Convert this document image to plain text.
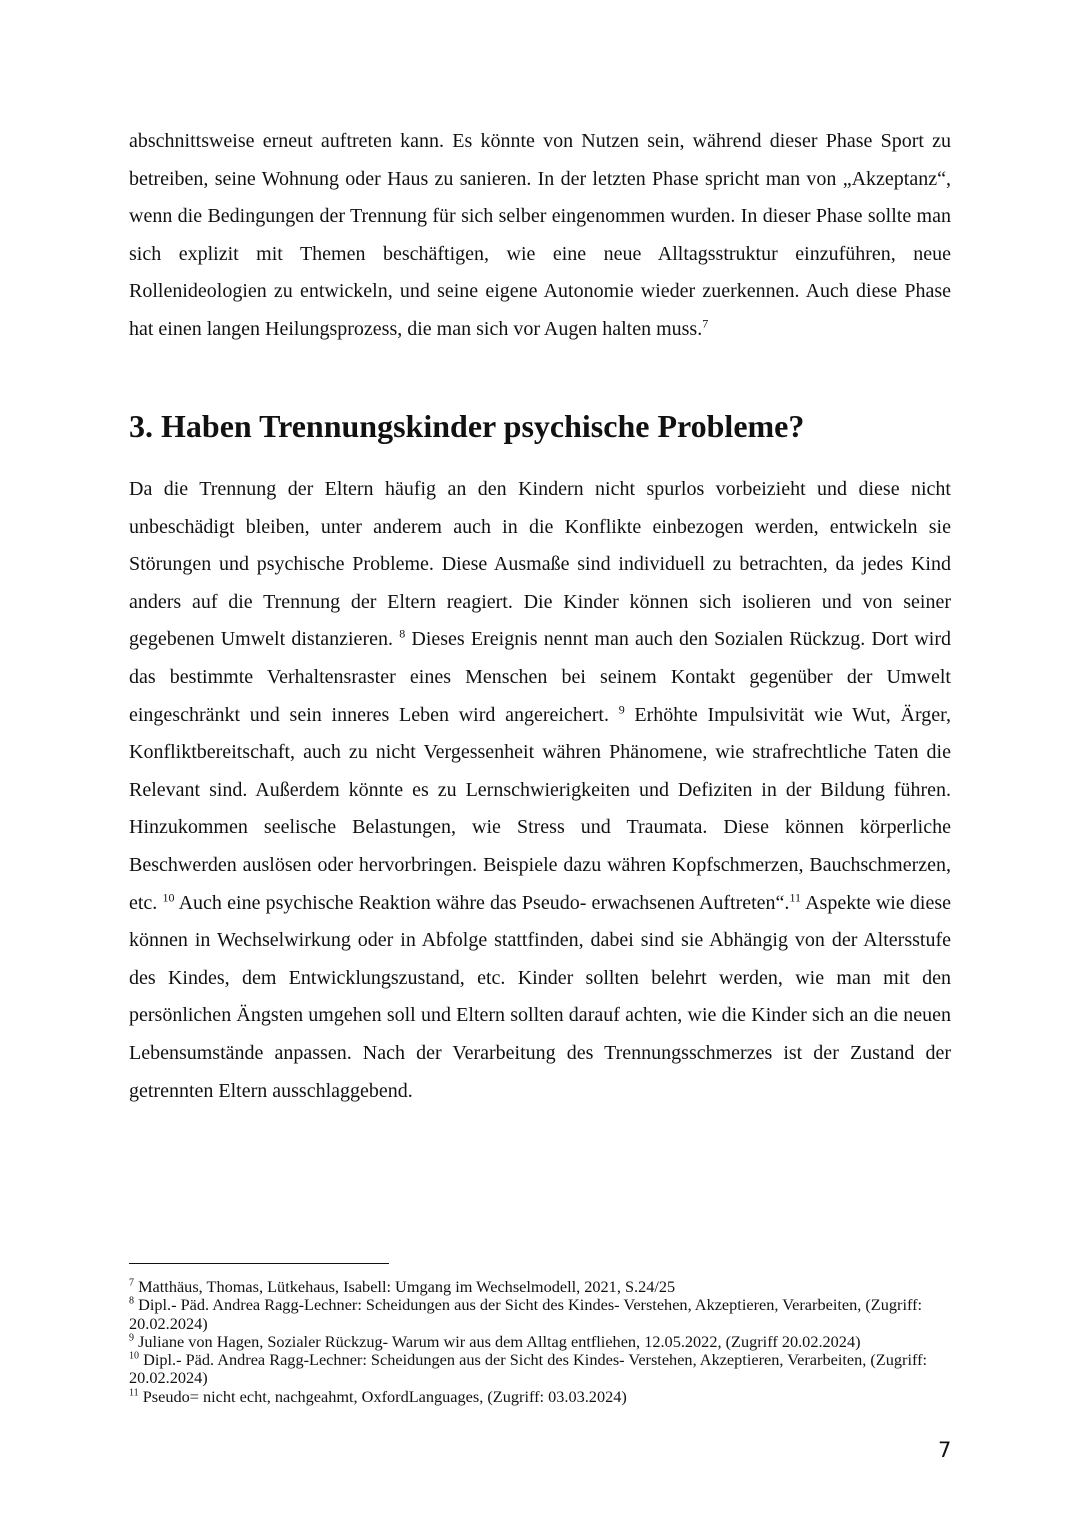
abschnittsweise erneut auftreten kann. Es könnte von Nutzen sein, während dieser Phase Sport zu betreiben, seine Wohnung oder Haus zu sanieren. In der letzten Phase spricht man von „Akzeptanz“, wenn die Bedingungen der Trennung für sich selber eingenommen wurden. In dieser Phase sollte man sich explizit mit Themen beschäftigen, wie eine neue Alltagsstruktur einzuführen, neue Rollenideologien zu entwickeln, und seine eigene Autonomie wieder zuerkennen. Auch diese Phase hat einen langen Heilungsprozess, die man sich vor Augen halten muss.$^7$

3. Haben Trennungskinder psychische Probleme?

Da die Trennung der Eltern häufig an den Kindern nicht spurlos vorbeizieht und diese nicht unbeschädigt bleiben, unter anderem auch in die Konflikte einbezogen werden, entwickeln sie Störungen und psychische Probleme. Diese Ausmaße sind individuell zu betrachten, da jedes Kind anders auf die Trennung der Eltern reagiert. Die Kinder können sich isolieren und von seiner gegebenen Umwelt distanzieren. $^8$ Dieses Ereignis nennt man auch den Sozialen Rückzug. Dort wird das bestimmte Verhaltensraster eines Menschen bei seinem Kontakt gegenüber der Umwelt eingeschränkt und sein inneres Leben wird angereichert. $^9$ Erhöhte Impulsivität wie Wut, Ärger, Konfliktbereitschaft, auch zu nicht Vergessenheit währen Phänomene, wie strafrechtliche Taten die Relevant sind. Außerdem könnte es zu Lernschwierigkeiten und Defiziten in der Bildung führen. Hinzukommen seelische Belastungen, wie Stress und Traumata. Diese können körperliche Beschwerden auslösen oder hervorbringen. Beispiele dazu währen Kopfschmerzen, Bauchschmerzen, etc. $^{10}$ Auch eine psychische Reaktion währe das Pseudo- erwachsenen Auftreten“.$^{11}$ Aspekte wie diese können in Wechselwirkung oder in Abfolge stattfinden, dabei sind sie Abhängig von der Altersstufe des Kindes, dem Entwicklungszustand, etc. Kinder sollten belehrt werden, wie man mit den persönlichen Ängsten umgehen soll und Eltern sollten darauf achten, wie die Kinder sich an die neuen Lebensumstände anpassen. Nach der Verarbeitung des Trennungsschmerzes ist der Zustand der getrennten Eltern ausschlaggebend.

$^7$ Matthäus, Thomas, Lütkehaus, Isabell: Umgang im Wechselmodell, 2021, S.24/25

$^8$ Dipl.- Päd. Andrea Ragg-Lechner: Scheidungen aus der Sicht des Kindes- Verstehen, Akzeptieren, Verarbeiten, (Zugriff: 20.02.2024)

$^9$ Juliane von Hagen, Sozialer Rückzug- Warum wir aus dem Alltag entfliehen, 12.05.2022, (Zugriff 20.02.2024)

$^{10}$ Dipl.- Päd. Andrea Ragg-Lechner: Scheidungen aus der Sicht des Kindes- Verstehen, Akzeptieren, Verarbeiten, (Zugriff: 20.02.2024)

$^{11}$ Pseudo= nicht echt, nachgeahmt, OxfordLanguages, (Zugriff: 03.03.2024)

7
